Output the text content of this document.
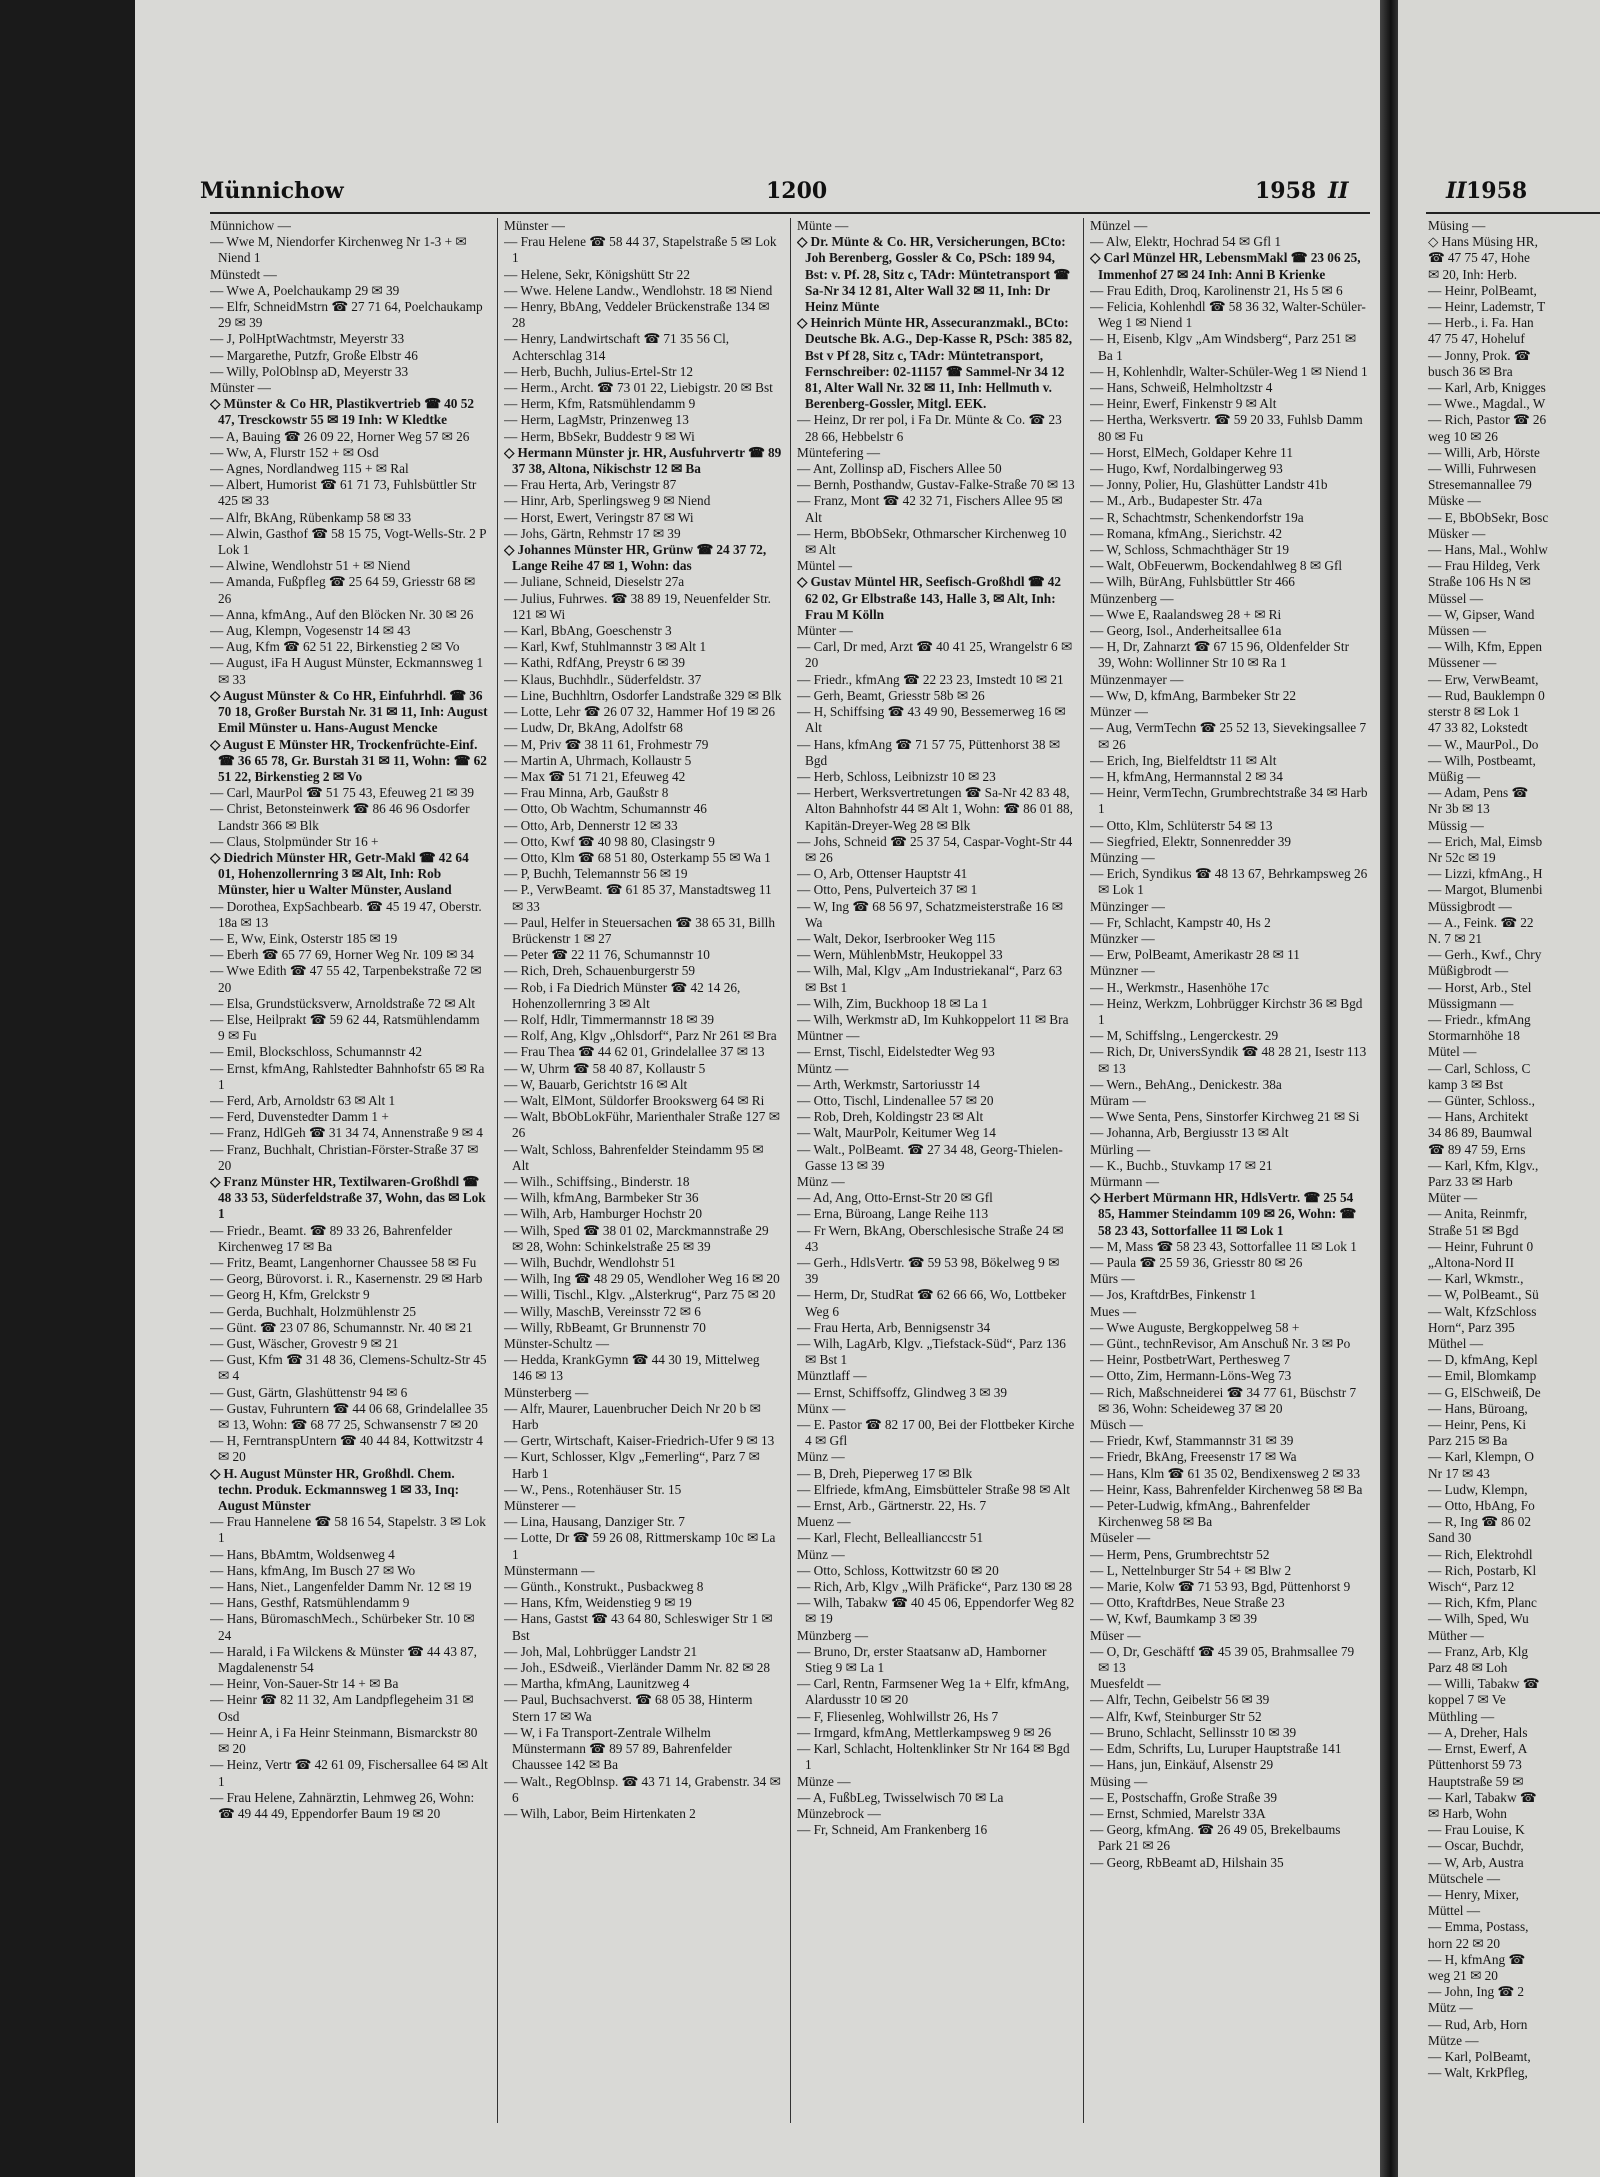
Münnichow	1200	1958 II	II 1958

Münnichow —

— Wwe M, Niendorfer Kirchenweg Nr 1-3 + ✉ Niend 1

Münstedt —

— Wwe A, Poelchaukamp 29 ✉ 39

— Elfr, SchneidMstrn ☎ 27 71 64, Poelchaukamp 29 ✉ 39

— J, PolHptWachtmstr, Meyerstr 33

— Margarethe, Putzfr, Große Elbstr 46

— Willy, PolOblnsp aD, Meyerstr 33

Münster —

◇ Münster & Co HR, Plastikvertrieb ☎ 40 52 47, Tresckowstr 55 ✉ 19 Inh: W Kledtke

— A, Bauing ☎ 26 09 22, Horner Weg 57 ✉ 26

— Ww, A, Flurstr 152 + ✉ Osd

— Agnes, Nordlandweg 115 + ✉ Ral

— Albert, Humorist ☎ 61 71 73, Fuhlsbüttler Str 425 ✉ 33

— Alfr, BkAng, Rübenkamp 58 ✉ 33

— Alwin, Gasthof ☎ 58 15 75, Vogt-Wells-Str. 2 P Lok 1

— Alwine, Wendlohstr 51 + ✉ Niend

— Amanda, Fußpfleg ☎ 25 64 59, Griesstr 68 ✉ 26

— Anna, kfmAng., Auf den Blöcken Nr. 30 ✉ 26

— Aug, Klempn, Vogesenstr 14 ✉ 43

— Aug, Kfm ☎ 62 51 22, Birkenstieg 2 ✉ Vo

— August, iFa H August Münster, Eckmannsweg 1 ✉ 33

◇ August Münster & Co HR, Einfuhrhdl. ☎ 36 70 18, Großer Burstah Nr. 31 ✉ 11, Inh: August Emil Münster u. Hans-August Mencke

◇ August E Münster HR, Trockenfrüchte-Einf. ☎ 36 65 78, Gr. Burstah 31 ✉ 11, Wohn: ☎ 62 51 22, Birkenstieg 2 ✉ Vo

— Carl, MaurPol ☎ 51 75 43, Efeuweg 21 ✉ 39

— Christ, Betonsteinwerk ☎ 86 46 96 Osdorfer Landstr 366 ✉ Blk

— Claus, Stolpmünder Str 16 +

◇ Diedrich Münster HR, Getr-Makl ☎ 42 64 01, Hohenzollernring 3 ✉ Alt, Inh: Rob Münster, hier u Walter Münster, Ausland

— Dorothea, ExpSachbearb. ☎ 45 19 47, Oberstr. 18a ✉ 13

— E, Ww, Eink, Osterstr 185 ✉ 19

— Eberh ☎ 65 77 69, Horner Weg Nr. 109 ✉ 34

— Wwe Edith ☎ 47 55 42, Tarpenbekstraße 72 ✉ 20

— Elsa, Grundstücksverw, Arnoldstraße 72 ✉ Alt

— Else, Heilprakt ☎ 59 62 44, Ratsmühlendamm 9 ✉ Fu

— Emil, Blockschloss, Schumannstr 42

— Ernst, kfmAng, Rahlstedter Bahnhofstr 65 ✉ Ra 1

— Ferd, Arb, Arnoldstr 63 ✉ Alt 1

— Ferd, Duvenstedter Damm 1 +

— Franz, HdlGeh ☎ 31 34 74, Annenstraße 9 ✉ 4

— Franz, Buchhalt, Christian-Förster-Straße 37 ✉ 20

◇ Franz Münster HR, Textilwaren-Großhdl ☎ 48 33 53, Süderfeldstraße 37, Wohn, das ✉ Lok 1

— Friedr., Beamt. ☎ 89 33 26, Bahrenfelder Kirchenweg 17 ✉ Ba

— Fritz, Beamt, Langenhorner Chaussee 58 ✉ Fu

— Georg, Bürovorst. i. R., Kasernenstr. 29 ✉ Harb

— Georg H, Kfm, Grelckstr 9

— Gerda, Buchhalt, Holzmühlenstr 25

— Günt. ☎ 23 07 86, Schumannstr. Nr. 40 ✉ 21

— Gust, Wäscher, Grovestr 9 ✉ 21

— Gust, Kfm ☎ 31 48 36, Clemens-Schultz-Str 45 ✉ 4

— Gust, Gärtn, Glashüttenstr 94 ✉ 6

— Gustav, Fuhruntern ☎ 44 06 68, Grindelallee 35 ✉ 13, Wohn: ☎ 68 77 25, Schwansenstr 7 ✉ 20

— H, FerntranspUntern ☎ 40 44 84, Kottwitzstr 4 ✉ 20

◇ H. August Münster HR, Großhdl. Chem. techn. Produk. Eckmannsweg 1 ✉ 33, Inq: August Münster

— Frau Hannelene ☎ 58 16 54, Stapelstr. 3 ✉ Lok 1

— Hans, BbAmtm, Woldsenweg 4

— Hans, kfmAng, Im Busch 27 ✉ Wo

— Hans, Niet., Langenfelder Damm Nr. 12 ✉ 19

— Hans, Gesthf, Ratsmühlendamm 9

— Hans, BüromaschMech., Schürbeker Str. 10 ✉ 24

— Harald, i Fa Wilckens & Münster ☎ 44 43 87, Magdalenenstr 54

— Heinr, Von-Sauer-Str 14 + ✉ Ba

— Heinr ☎ 82 11 32, Am Landpflegeheim 31 ✉ Osd

— Heinr A, i Fa Heinr Steinmann, Bismarckstr 80 ✉ 20

— Heinz, Vertr ☎ 42 61 09, Fischersallee 64 ✉ Alt 1

— Frau Helene, Zahnärztin, Lehmweg 26, Wohn: ☎ 49 44 49, Eppendorfer Baum 19 ✉ 20

Münster —

— Frau Helene ☎ 58 44 37, Stapelstraße 5 ✉ Lok 1

— Helene, Sekr, Königshütt Str 22

— Wwe. Helene Landw., Wendlohstr. 18 ✉ Niend

— Henry, BbAng, Veddeler Brückenstraße 134 ✉ 28

— Henry, Landwirtschaft ☎ 71 35 56 Cl, Achterschlag 314

— Herb, Buchh, Julius-Ertel-Str 12

— Herm., Archt. ☎ 73 01 22, Liebigstr. 20 ✉ Bst

— Herm, Kfm, Ratsmühlendamm 9

— Herm, LagMstr, Prinzenweg 13

— Herm, BbSekr, Buddestr 9 ✉ Wi

◇ Hermann Münster jr. HR, Ausfuhrvertr ☎ 89 37 38, Altona, Nikischstr 12 ✉ Ba

— Frau Herta, Arb, Veringstr 87

— Hinr, Arb, Sperlingsweg 9 ✉ Niend

— Horst, Ewert, Veringstr 87 ✉ Wi

— Johs, Gärtn, Rehmstr 17 ✉ 39

◇ Johannes Münster HR, Grünw ☎ 24 37 72, Lange Reihe 47 ✉ 1, Wohn: das

— Juliane, Schneid, Dieselstr 27a

— Julius, Fuhrwes. ☎ 38 89 19, Neuenfelder Str. 121 ✉ Wi

— Karl, BbAng, Goeschenstr 3

— Karl, Kwf, Stuhlmannstr 3 ✉ Alt 1

— Kathi, RdfAng, Preystr 6 ✉ 39

— Klaus, Buchhdlr., Süderfeldstr. 37

— Line, Buchhltrn, Osdorfer Landstraße 329 ✉ Blk

— Lotte, Lehr ☎ 26 07 32, Hammer Hof 19 ✉ 26

— Ludw, Dr, BkAng, Adolfstr 68

— M, Priv ☎ 38 11 61, Frohmestr 79

— Martin A, Uhrmach, Kollaustr 5

— Max ☎ 51 71 21, Efeuweg 42

— Frau Minna, Arb, Gaußstr 8

— Otto, Ob Wachtm, Schumannstr 46

— Otto, Arb, Dennerstr 12 ✉ 33

— Otto, Kwf ☎ 40 98 80, Clasingstr 9

— Otto, Klm ☎ 68 51 80, Osterkamp 55 ✉ Wa 1

— P, Buchh, Telemannstr 56 ✉ 19

— P., VerwBeamt. ☎ 61 85 37, Manstadtsweg 11 ✉ 33

— Paul, Helfer in Steuersachen ☎ 38 65 31, Billh Brückenstr 1 ✉ 27

— Peter ☎ 22 11 76, Schumannstr 10

— Rich, Dreh, Schauenburgerstr 59

— Rob, i Fa Diedrich Münster ☎ 42 14 26, Hohenzollernring 3 ✉ Alt

— Rolf, Hdlr, Timmermannstr 18 ✉ 39

— Rolf, Ang, Klgv „Ohlsdorf“, Parz Nr 261 ✉ Bra

— Frau Thea ☎ 44 62 01, Grindelallee 37 ✉ 13

— W, Uhrm ☎ 58 40 87, Kollaustr 5

— W, Bauarb, Gerichtstr 16 ✉ Alt

— Walt, ElMont, Süldorfer Brookswerg 64 ✉ Ri

— Walt, BbObLokFühr, Marienthaler Straße 127 ✉ 26

— Walt, Schloss, Bahrenfelder Steindamm 95 ✉ Alt

— Wilh., Schiffsing., Binderstr. 18

— Wilh, kfmAng, Barmbeker Str 36

— Wilh, Arb, Hamburger Hochstr 20

— Wilh, Sped ☎ 38 01 02, Marckmannstraße 29 ✉ 28, Wohn: Schinkelstraße 25 ✉ 39

— Wilh, Buchdr, Wendlohstr 51

— Wilh, Ing ☎ 48 29 05, Wendloher Weg 16 ✉ 20

— Willi, Tischl., Klgv. „Alsterkrug“, Parz 75 ✉ 20

— Willy, MaschB, Vereinsstr 72 ✉ 6

— Willy, RbBeamt, Gr Brunnenstr 70

Münster-Schultz —

— Hedda, KrankGymn ☎ 44 30 19, Mittelweg 146 ✉ 13

Münsterberg —

— Alfr, Maurer, Lauenbrucher Deich Nr 20 b ✉ Harb

— Gertr, Wirtschaft, Kaiser-Friedrich-Ufer 9 ✉ 13

— Kurt, Schlosser, Klgv „Femerling“, Parz 7 ✉ Harb 1

— W., Pens., Rotenhäuser Str. 15

Münsterer —

— Lina, Hausang, Danziger Str. 7

— Lotte, Dr ☎ 59 26 08, Rittmerskamp 10c ✉ La 1

Münstermann —

— Günth., Konstrukt., Pusbackweg 8

— Hans, Kfm, Weidenstieg 9 ✉ 19

— Hans, Gastst ☎ 43 64 80, Schleswiger Str 1 ✉ Bst

— Joh, Mal, Lohbrügger Landstr 21

— Joh., ESdweiß., Vierländer Damm Nr. 82 ✉ 28

— Martha, kfmAng, Launitzweg 4

— Paul, Buchsachverst. ☎ 68 05 38, Hinterm Stern 17 ✉ Wa

— W, i Fa Transport-Zentrale Wilhelm Münstermann ☎ 89 57 89, Bahrenfelder Chaussee 142 ✉ Ba

— Walt., RegOblnsp. ☎ 43 71 14, Grabenstr. 34 ✉ 6

— Wilh, Labor, Beim Hirtenkaten 2

Münte —

◇ Dr. Münte & Co. HR, Versicherungen, BCto: Joh Berenberg, Gossler & Co, PSch: 189 94, Bst: v. Pf. 28, Sitz c, TAdr: Müntetransport ☎ Sa-Nr 34 12 81, Alter Wall 32 ✉ 11, Inh: Dr Heinz Münte

◇ Heinrich Münte HR, Assecuranzmakl., BCto: Deutsche Bk. A.G., Dep-Kasse R, PSch: 385 82, Bst v Pf 28, Sitz c, TAdr: Müntetransport, Fernschreiber: 02-11157 ☎ Sammel-Nr 34 12 81, Alter Wall Nr. 32 ✉ 11, Inh: Hellmuth v. Berenberg-Gossler, Mitgl. EEK.

— Heinz, Dr rer pol, i Fa Dr. Münte & Co. ☎ 23 28 66, Hebbelstr 6

Müntefering —

— Ant, Zollinsp aD, Fischers Allee 50

— Bernh, Posthandw, Gustav-Falke-Straße 70 ✉ 13

— Franz, Mont ☎ 42 32 71, Fischers Allee 95 ✉ Alt

— Herm, BbObSekr, Othmarscher Kirchenweg 10 ✉ Alt

Müntel —

◇ Gustav Müntel HR, Seefisch-Großhdl ☎ 42 62 02, Gr Elbstraße 143, Halle 3, ✉ Alt, Inh: Frau M Kölln

Münter —

— Carl, Dr med, Arzt ☎ 40 41 25, Wrangelstr 6 ✉ 20

— Friedr., kfmAng ☎ 22 23 23, Imstedt 10 ✉ 21

— Gerh, Beamt, Griesstr 58b ✉ 26

— H, Schiffsing ☎ 43 49 90, Bessemerweg 16 ✉ Alt

— Hans, kfmAng ☎ 71 57 75, Püttenhorst 38 ✉ Bgd

— Herb, Schloss, Leibnizstr 10 ✉ 23

— Herbert, Werksvertretungen ☎ Sa-Nr 42 83 48, Alton Bahnhofstr 44 ✉ Alt 1, Wohn: ☎ 86 01 88, Kapitän-Dreyer-Weg 28 ✉ Blk

— Johs, Schneid ☎ 25 37 54, Caspar-Voght-Str 44 ✉ 26

— O, Arb, Ottenser Hauptstr 41

— Otto, Pens, Pulverteich 37 ✉ 1

— W, Ing ☎ 68 56 97, Schatzmeisterstraße 16 ✉ Wa

— Walt, Dekor, Iserbrooker Weg 115

— Wern, MühlenbMstr, Heukoppel 33

— Wilh, Mal, Klgv „Am Industriekanal“, Parz 63 ✉ Bst 1

— Wilh, Zim, Buckhoop 18 ✉ La 1

— Wilh, Werkmstr aD, Im Kuhkoppelort 11 ✉ Bra

Müntner —

— Ernst, Tischl, Eidelstedter Weg 93

Müntz —

— Arth, Werkmstr, Sartoriusstr 14

— Otto, Tischl, Lindenallee 57 ✉ 20

— Rob, Dreh, Koldingstr 23 ✉ Alt

— Walt, MaurPolr, Keitumer Weg 14

— Walt., PolBeamt. ☎ 27 34 48, Georg-Thielen-Gasse 13 ✉ 39

Münz —

— Ad, Ang, Otto-Ernst-Str 20 ✉ Gfl

— Erna, Büroang, Lange Reihe 113

— Fr Wern, BkAng, Oberschlesische Straße 24 ✉ 43

— Gerh., HdlsVertr. ☎ 59 53 98, Bökelweg 9 ✉ 39

— Herm, Dr, StudRat ☎ 62 66 66, Wo, Lottbeker Weg 6

— Frau Herta, Arb, Bennigsenstr 34

— Wilh, LagArb, Klgv. „Tiefstack-Süd“, Parz 136 ✉ Bst 1

Münztlaff —

— Ernst, Schiffsoffz, Glindweg 3 ✉ 39

Münx —

— E. Pastor ☎ 82 17 00, Bei der Flottbeker Kirche 4 ✉ Gfl

Münz —

— B, Dreh, Pieperweg 17 ✉ Blk

— Elfriede, kfmAng, Eimsbütteler Straße 98 ✉ Alt

— Ernst, Arb., Gärtnerstr. 22, Hs. 7

Muenz —

— Karl, Flecht, Belleallianccstr 51

Münz —

— Otto, Schloss, Kottwitzstr 60 ✉ 20

— Rich, Arb, Klgv „Wilh Präficke“, Parz 130 ✉ 28

— Wilh, Tabakw ☎ 40 45 06, Eppendorfer Weg 82 ✉ 19

Münzberg —

— Bruno, Dr, erster Staatsanw aD, Hamborner Stieg 9 ✉ La 1

— Carl, Rentn, Farmsener Weg 1a + Elfr, kfmAng, Alardusstr 10 ✉ 20

— F, Fliesenleg, Wohlwillstr 26, Hs 7

— Irmgard, kfmAng, Mettlerkampsweg 9 ✉ 26

— Karl, Schlacht, Holtenklinker Str Nr 164 ✉ Bgd 1

Münze —

— A, FußbLeg, Twisselwisch 70 ✉ La

Münzebrock —

— Fr, Schneid, Am Frankenberg 16

Münzel —

— Alw, Elektr, Hochrad 54 ✉ Gfl 1

◇ Carl Münzel HR, LebensmMakl ☎ 23 06 25, Immenhof 27 ✉ 24 Inh: Anni B Krienke

— Frau Edith, Droq, Karolinenstr 21, Hs 5 ✉ 6

— Felicia, Kohlenhdl ☎ 58 36 32, Walter-Schüler-Weg 1 ✉ Niend 1

— H, Eisenb, Klgv „Am Windsberg“, Parz 251 ✉ Ba 1

— H, Kohlenhdlr, Walter-Schüler-Weg 1 ✉ Niend 1

— Hans, Schweiß, Helmholtzstr 4

— Heinr, Ewerf, Finkenstr 9 ✉ Alt

— Hertha, Werksvertr. ☎ 59 20 33, Fuhlsb Damm 80 ✉ Fu

— Horst, ElMech, Goldaper Kehre 11

— Hugo, Kwf, Nordalbingerweg 93

— Jonny, Polier, Hu, Glashütter Landstr 41b

— M., Arb., Budapester Str. 47a

— R, Schachtmstr, Schenkendorfstr 19a

— Romana, kfmAng., Sierichstr. 42

— W, Schloss, Schmachthäger Str 19

— Walt, ObFeuerwm, Bockendahlweg 8 ✉ Gfl

— Wilh, BürAng, Fuhlsbüttler Str 466

Münzenberg —

— Wwe E, Raalandsweg 28 + ✉ Ri

— Georg, Isol., Anderheitsallee 61a

— H, Dr, Zahnarzt ☎ 67 15 96, Oldenfelder Str 39, Wohn: Wollinner Str 10 ✉ Ra 1

Münzenmayer —

— Ww, D, kfmAng, Barmbeker Str 22

Münzer —

— Aug, VermTechn ☎ 25 52 13, Sievekingsallee 7 ✉ 26

— Erich, Ing, Bielfeldtstr 11 ✉ Alt

— H, kfmAng, Hermannstal 2 ✉ 34

— Heinr, VermTechn, Grumbrechtstraße 34 ✉ Harb 1

— Otto, Klm, Schlüterstr 54 ✉ 13

— Siegfried, Elektr, Sonnenredder 39

Münzing —

— Erich, Syndikus ☎ 48 13 67, Behrkampsweg 26 ✉ Lok 1

Münzinger —

— Fr, Schlacht, Kampstr 40, Hs 2

Münzker —

— Erw, PolBeamt, Amerikastr 28 ✉ 11

Münzner —

— H., Werkmstr., Hasenhöhe 17c

— Heinz, Werkzm, Lohbrügger Kirchstr 36 ✉ Bgd 1

— M, Schiffslng., Lengerckestr. 29

— Rich, Dr, UniversSyndik ☎ 48 28 21, Isestr 113 ✉ 13

— Wern., BehAng., Denickestr. 38a

Müram —

— Wwe Senta, Pens, Sinstorfer Kirchweg 21 ✉ Si

— Johanna, Arb, Bergiusstr 13 ✉ Alt

Mürling —

— K., Buchb., Stuvkamp 17 ✉ 21

Mürmann —

◇ Herbert Mürmann HR, HdlsVertr. ☎ 25 54 85, Hammer Steindamm 109 ✉ 26, Wohn: ☎ 58 23 43, Sottorfallee 11 ✉ Lok 1

— M, Mass ☎ 58 23 43, Sottorfallee 11 ✉ Lok 1

— Paula ☎ 25 59 36, Griesstr 80 ✉ 26

Mürs —

— Jos, KraftdrBes, Finkenstr 1

Mues —

— Wwe Auguste, Bergkoppelweg 58 +

— Günt., technRevisor, Am Anschuß Nr. 3 ✉ Po

— Heinr, PostbetrWart, Perthesweg 7

— Otto, Zim, Hermann-Löns-Weg 73

— Rich, Maßschneiderei ☎ 34 77 61, Büschstr 7 ✉ 36, Wohn: Scheideweg 37 ✉ 20

Müsch —

— Friedr, Kwf, Stammannstr 31 ✉ 39

— Friedr, BkAng, Freesenstr 17 ✉ Wa

— Hans, Klm ☎ 61 35 02, Bendixensweg 2 ✉ 33

— Heinr, Kass, Bahrenfelder Kirchenweg 58 ✉ Ba

— Peter-Ludwig, kfmAng., Bahrenfelder Kirchenweg 58 ✉ Ba

Müseler —

— Herm, Pens, Grumbrechtstr 52

— L, Nettelnburger Str 54 + ✉ Blw 2

— Marie, Kolw ☎ 71 53 93, Bgd, Püttenhorst 9

— Otto, KraftdrBes, Neue Straße 23

— W, Kwf, Baumkamp 3 ✉ 39

Müser —

— O, Dr, Geschäftf ☎ 45 39 05, Brahmsallee 79 ✉ 13

Muesfeldt —

— Alfr, Techn, Geibelstr 56 ✉ 39

— Alfr, Kwf, Steinburger Str 52

— Bruno, Schlacht, Sellinsstr 10 ✉ 39

— Edm, Schrifts, Lu, Luruper Hauptstraße 141

— Hans, jun, Einkäuf, Alsenstr 29

Müsing —

— E, Postschaffn, Große Straße 39

— Ernst, Schmied, Marelstr 33A

— Georg, kfmAng. ☎ 26 49 05, Brekelbaums Park 21 ✉ 26

— Georg, RbBeamt aD, Hilshain 35

Müsing —

◇ Hans Müsing HR,

☎ 47 75 47, Hohe

✉ 20, Inh: Herb.

— Heinr, PolBeamt,

— Heinr, Lademstr, T

— Herb., i. Fa. Han

47 75 47, Hoheluf

— Jonny, Prok. ☎

busch 36 ✉ Bra

— Karl, Arb, Knigges

— Wwe., Magdal., W

— Rich, Pastor ☎ 26

weg 10 ✉ 26

— Willi, Arb, Hörste

— Willi, Fuhrwesen

Stresemannallee 79

Müske —

— E, BbObSekr, Bosc

Müsker —

— Hans, Mal., Wohlw

— Frau Hildeg, Verk

Straße 106 Hs N ✉

Müssel —

— W, Gipser, Wand

Müssen —

— Wilh, Kfm, Eppen

Müssener —

— Erw, VerwBeamt,

— Rud, Bauklempn 0

sterstr 8 ✉ Lok 1

47 33 82, Lokstedt

— W., MaurPol., Do

— Wilh, Postbeamt,

Müßig —

— Adam, Pens ☎

Nr 3b ✉ 13

Müssig —

— Erich, Mal, Eimsb

Nr 52c ✉ 19

— Lizzi, kfmAng., H

— Margot, Blumenbi

Müssigbrodt —

— A., Feink. ☎ 22

N. 7 ✉ 21

— Gerh., Kwf., Chry

Müßigbrodt —

— Horst, Arb., Stel

Müssigmann —

— Friedr., kfmAng

Stormarnhöhe 18

Mütel —

— Carl, Schloss, C

kamp 3 ✉ Bst

— Günter, Schloss.,

— Hans, Architekt

34 86 89, Baumwal

☎ 89 47 59, Erns

— Karl, Kfm, Klgv.,

Parz 33 ✉ Harb

Müter —

— Anita, Reinmfr,

Straße 51 ✉ Bgd

— Heinr, Fuhrunt 0

„Altona-Nord II

— Karl, Wkmstr.,

— W, PolBeamt., Sü

— Walt, KfzSchloss

Horn“, Parz 395

Müthel —

— D, kfmAng, Kepl

— Emil, Blomkamp

— G, ElSchweiß, De

— Hans, Büroang,

— Heinr, Pens, Ki

Parz 215 ✉ Ba

— Karl, Klempn, O

Nr 17 ✉ 43

— Ludw, Klempn,

— Otto, HbAng, Fo

— R, Ing ☎ 86 02

Sand 30

— Rich, Elektrohdl

— Rich, Postarb, Kl

Wisch“, Parz 12

— Rich, Kfm, Planc

— Wilh, Sped, Wu

Müther —

— Franz, Arb, Klg

Parz 48 ✉ Loh

— Willi, Tabakw ☎

koppel 7 ✉ Ve

Müthling —

— A, Dreher, Hals

— Ernst, Ewerf, A

Püttenhorst 59 73

Hauptstraße 59 ✉

— Karl, Tabakw ☎

✉ Harb, Wohn

— Frau Louise, K

— Oscar, Buchdr,

— W, Arb, Austra

Mütschele —

— Henry, Mixer,

Müttel —

— Emma, Postass,

horn 22 ✉ 20

— H, kfmAng ☎

weg 21 ✉ 20

— John, Ing ☎ 2

Mütz —

— Rud, Arb, Horn

Mütze —

— Karl, PolBeamt,

— Walt, KrkPfleg,
